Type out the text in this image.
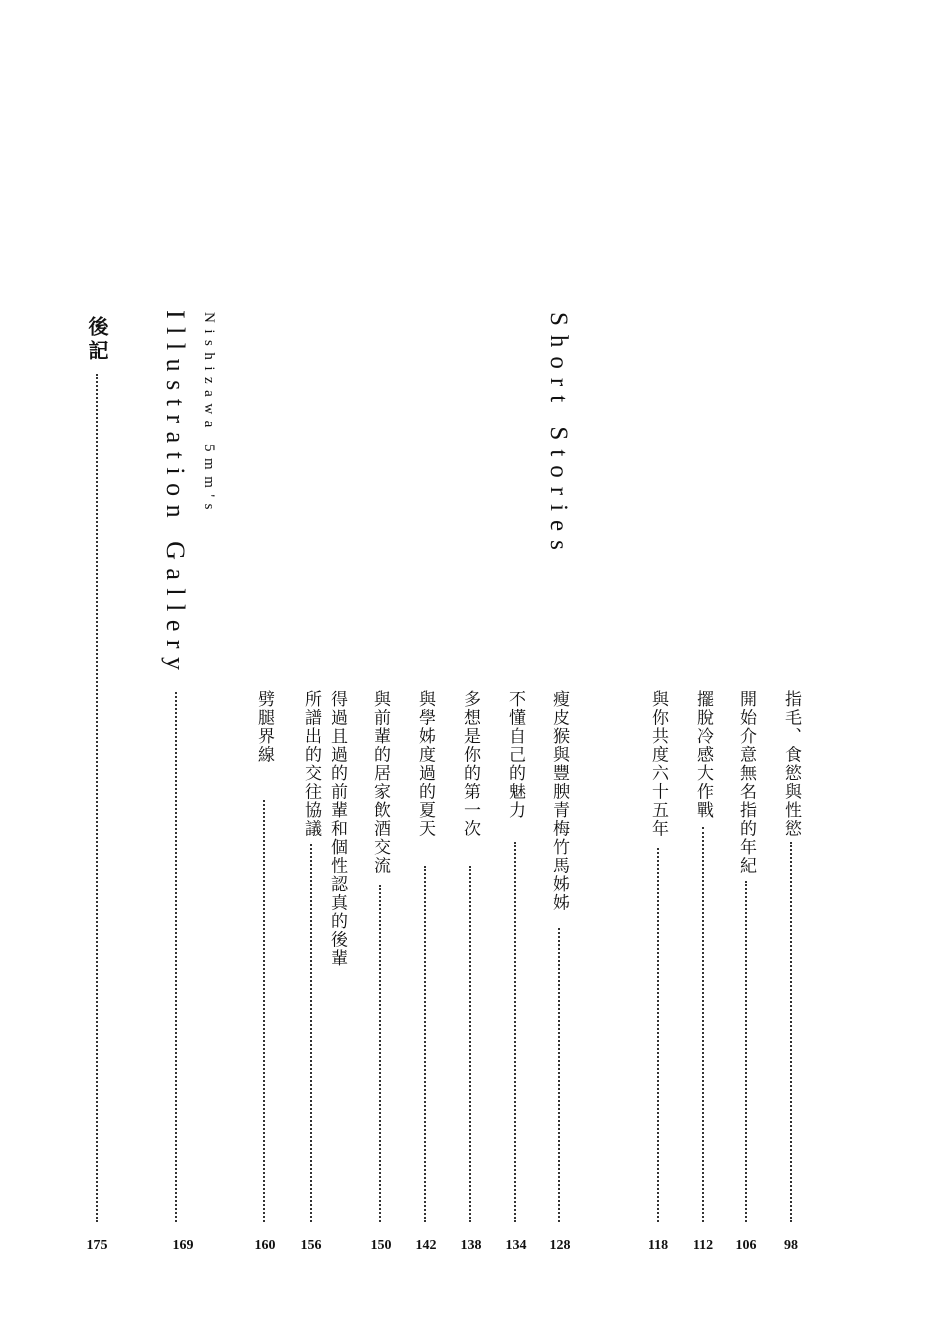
Short Stories
指毛、食慾與性慾
98
開始介意無名指的年紀
106
擺脫冷感大作戰
112
與你共度六十五年
118
瘦皮猴與豐腴青梅竹馬姊姊
128
不懂自己的魅力
134
多想是你的第一次
138
與學姊度過的夏天
142
與前輩的居家飲酒交流
150
得過且過的前輩和個性認真的後輩
所譜出的交往協議
156
劈腿界線
160
Nishizawa 5mm's
Illustration Gallery
169
後記
175
